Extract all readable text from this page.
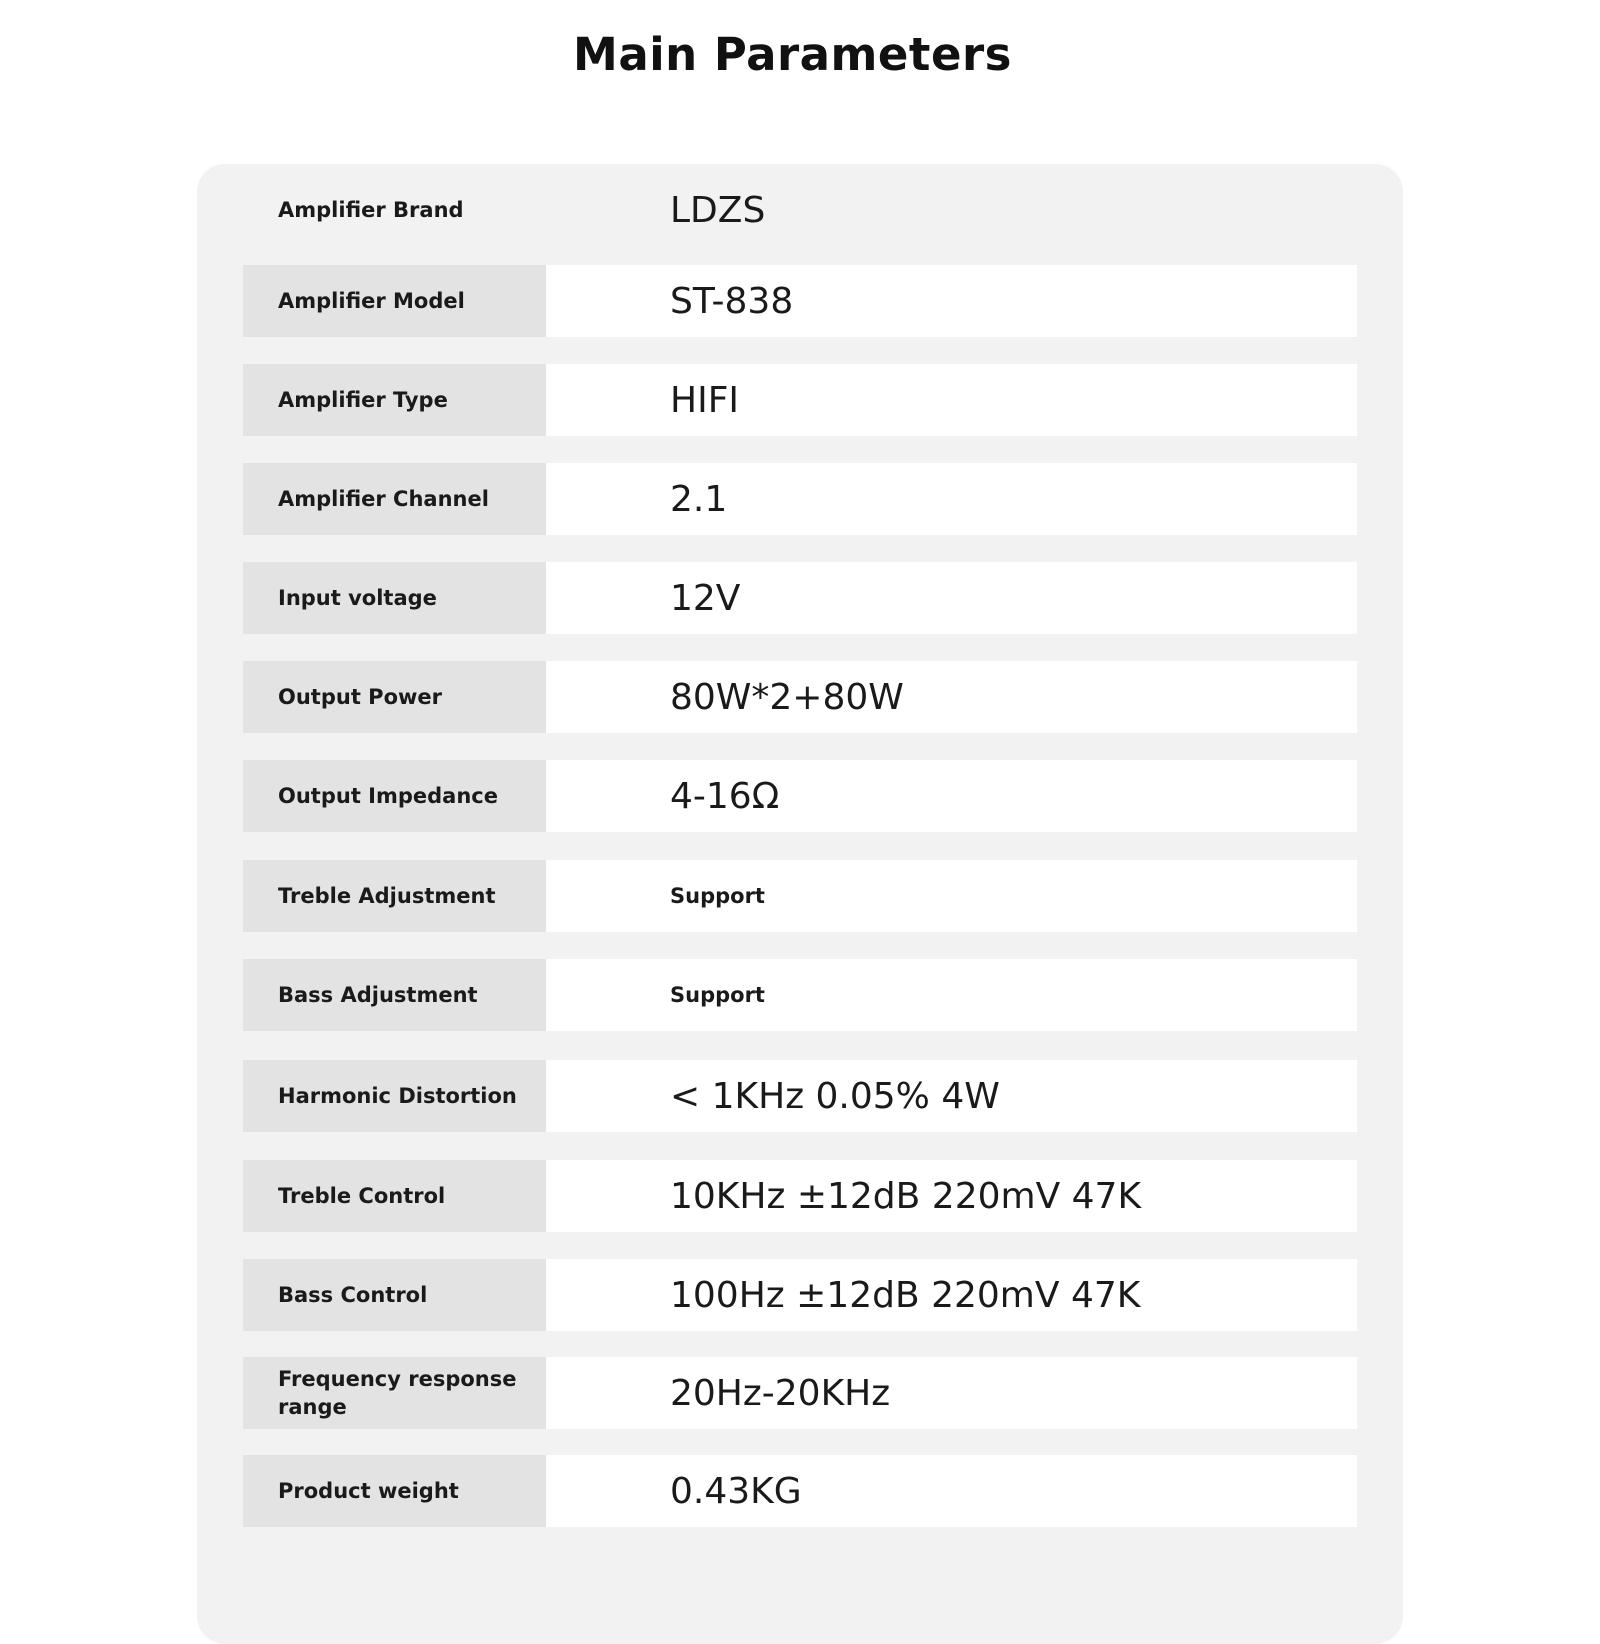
Main Parameters
Amplifier Brand	LDZS
Amplifier Model	ST-838
Amplifier Type	HIFI
Amplifier Channel	2.1
Input voltage	12V
Output Power	80W*2+80W
Output Impedance	4-16Ω
Treble Adjustment	Support
Bass Adjustment	Support
Harmonic Distortion	< 1KHz 0.05% 4W
Treble Control	10KHz ±12dB 220mV 47K
Bass Control	100Hz ±12dB 220mV 47K
Frequency response range	20Hz-20KHz
Product weight	0.43KG
